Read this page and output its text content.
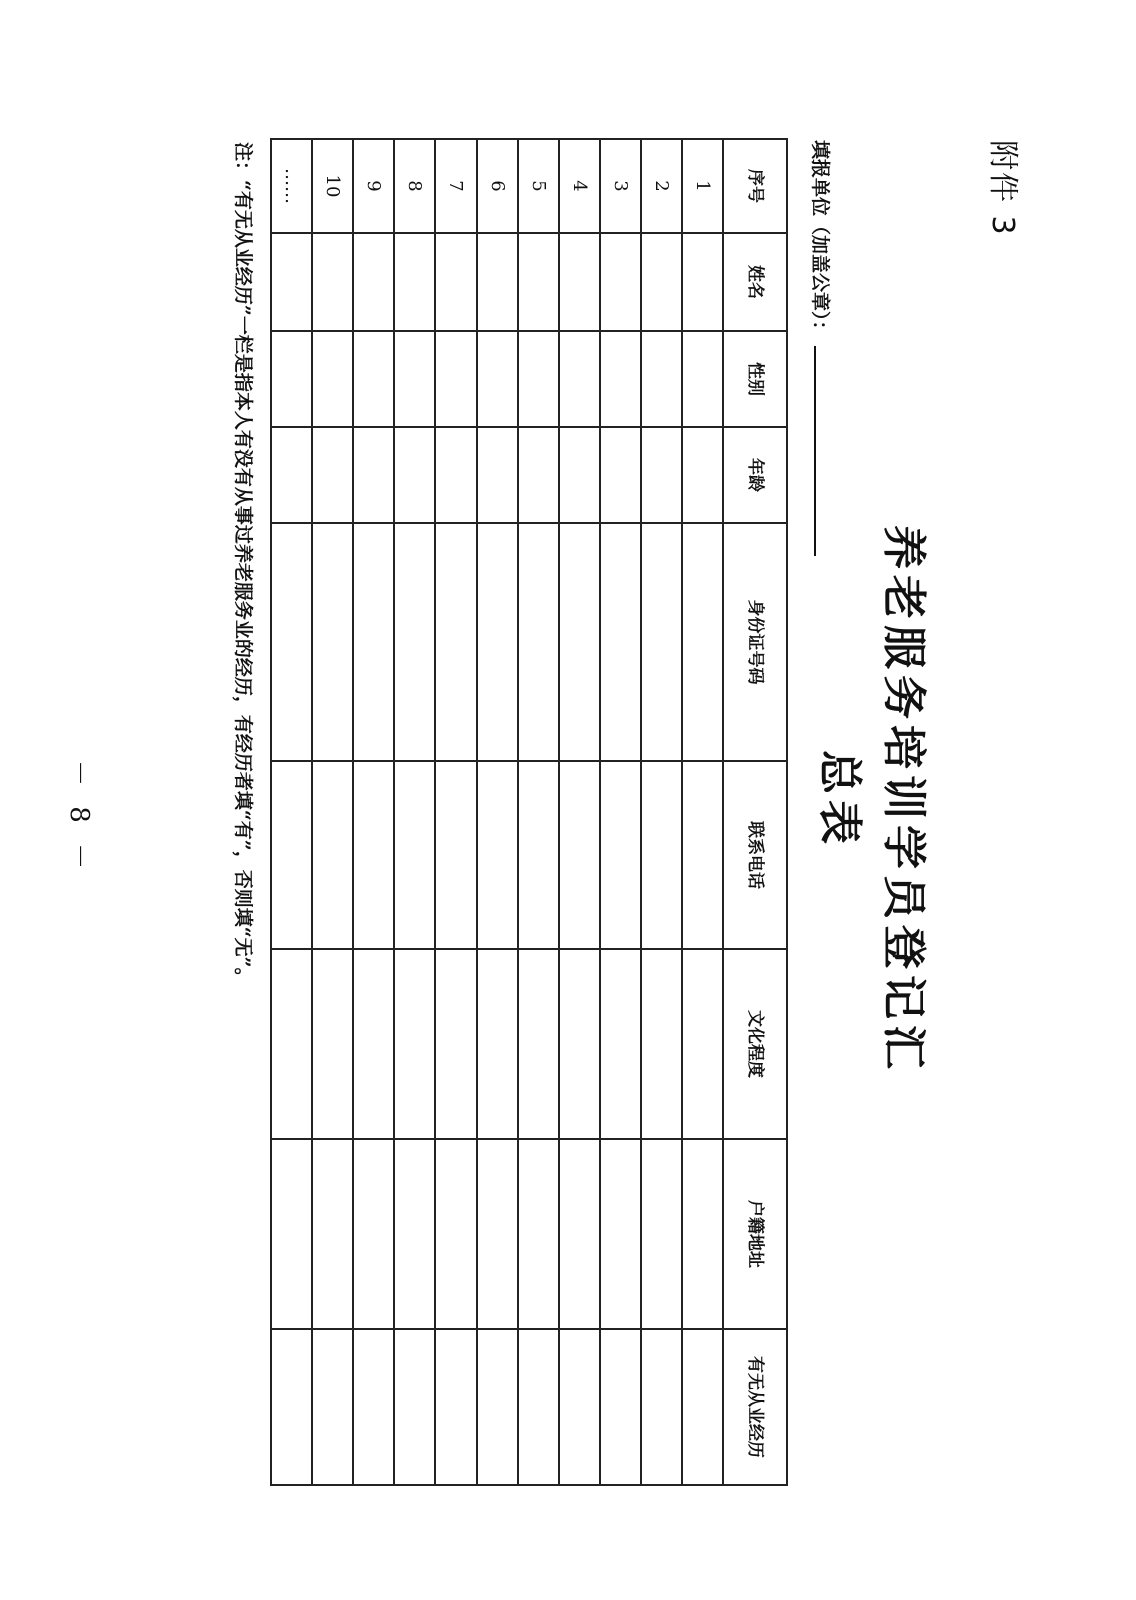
附件 3
养老服务培训学员登记汇总表
填报单位（加盖公章）：
序号	姓名	性别	年龄	身份证号码	联系电话	文化程度	户籍地址	有无从业经历
1								
2								
3								
4								
5								
6								
7								
8								
9								
10								
……								
注：“有无从业经历”一栏是指本人有没有从事过养老服务业的经历，有经历者填“有”，否则填“无”。
－ 8 －
